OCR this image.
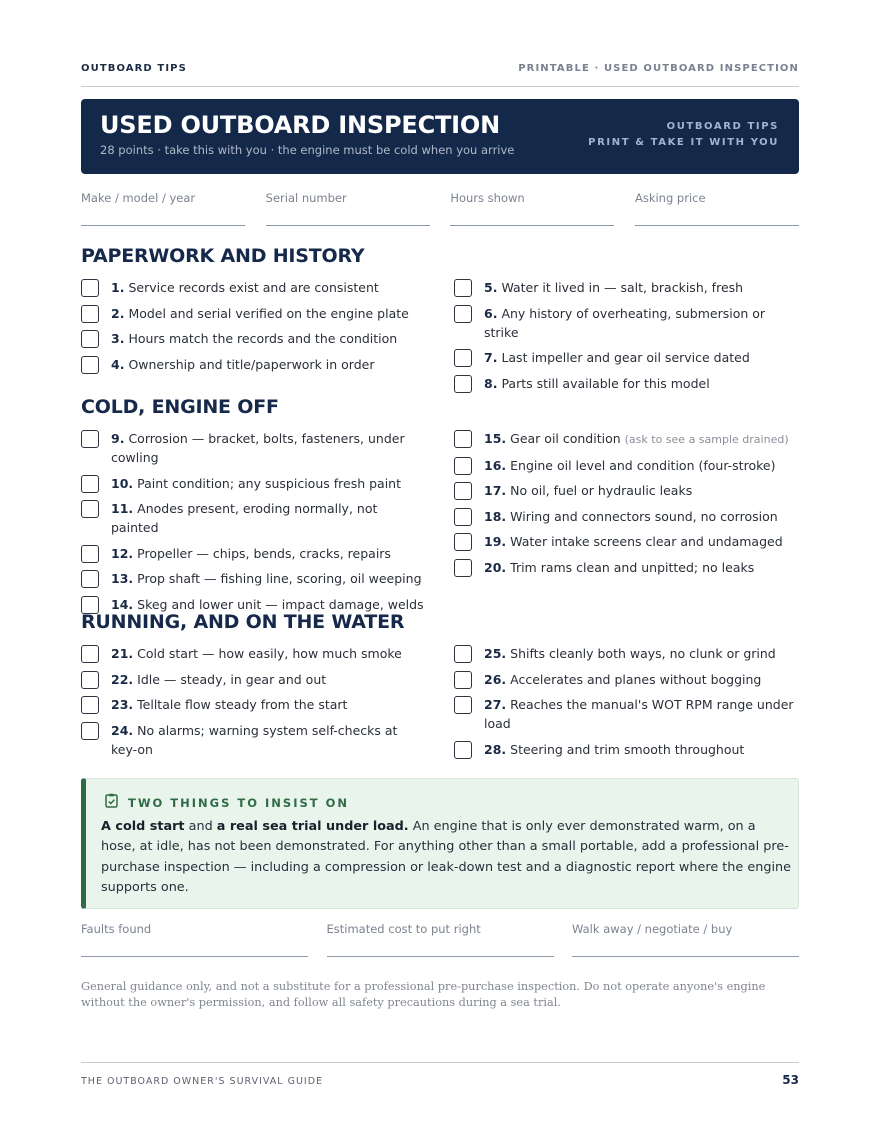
OUTBOARD TIPS	PRINTABLE · USED OUTBOARD INSPECTION
USED OUTBOARD INSPECTION
28 points · take this with you · the engine must be cold when you arrive
OUTBOARD TIPS
PRINT & TAKE IT WITH YOU
Make / model / year	Serial number	Hours shown	Asking price
PAPERWORK AND HISTORY
1. Service records exist and are consistent
2. Model and serial verified on the engine plate
3. Hours match the records and the condition
4. Ownership and title/paperwork in order
5. Water it lived in — salt, brackish, fresh
6. Any history of overheating, submersion or strike
7. Last impeller and gear oil service dated
8. Parts still available for this model
COLD, ENGINE OFF
9. Corrosion — bracket, bolts, fasteners, under cowling
10. Paint condition; any suspicious fresh paint
11. Anodes present, eroding normally, not painted
12. Propeller — chips, bends, cracks, repairs
13. Prop shaft — fishing line, scoring, oil weeping
14. Skeg and lower unit — impact damage, welds
15. Gear oil condition (ask to see a sample drained)
16. Engine oil level and condition (four-stroke)
17. No oil, fuel or hydraulic leaks
18. Wiring and connectors sound, no corrosion
19. Water intake screens clear and undamaged
20. Trim rams clean and unpitted; no leaks
RUNNING, AND ON THE WATER
21. Cold start — how easily, how much smoke
22. Idle — steady, in gear and out
23. Telltale flow steady from the start
24. No alarms; warning system self-checks at key-on
25. Shifts cleanly both ways, no clunk or grind
26. Accelerates and planes without bogging
27. Reaches the manual's WOT RPM range under load
28. Steering and trim smooth throughout
TWO THINGS TO INSIST ON
A cold start and a real sea trial under load. An engine that is only ever demonstrated warm, on a hose, at idle, has not been demonstrated. For anything other than a small portable, add a professional pre-purchase inspection — including a compression or leak-down test and a diagnostic report where the engine supports one.
Faults found	Estimated cost to put right	Walk away / negotiate / buy
General guidance only, and not a substitute for a professional pre-purchase inspection. Do not operate anyone's engine without the owner's permission, and follow all safety precautions during a sea trial.
THE OUTBOARD OWNER'S SURVIVAL GUIDE	53
